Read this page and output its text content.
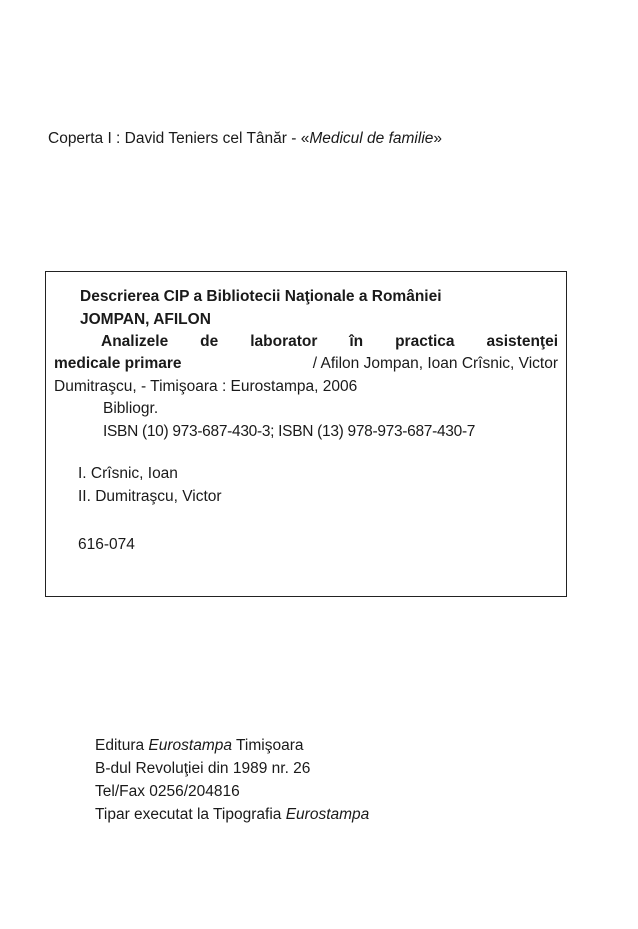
Coperta I : David Teniers cel Tânăr - «Medicul de familie»
Descrierea CIP a Bibliotecii Naţionale a României
JOMPAN, AFILON
Analizele de laborator în practica asistenţei
medicale primare	/ Afilon Jompan, Ioan Crîsnic, Victor
Dumitraşcu, - Timişoara : Eurostampa, 2006
Bibliogr.
ISBN (10) 973-687-430-3; ISBN (13) 978-973-687-430-7
I. Crîsnic, Ioan
II. Dumitraşcu, Victor
616-074
Editura Eurostampa Timişoara
B-dul Revoluţiei din 1989 nr. 26
Tel/Fax 0256/204816
Tipar executat la Tipografia Eurostampa
